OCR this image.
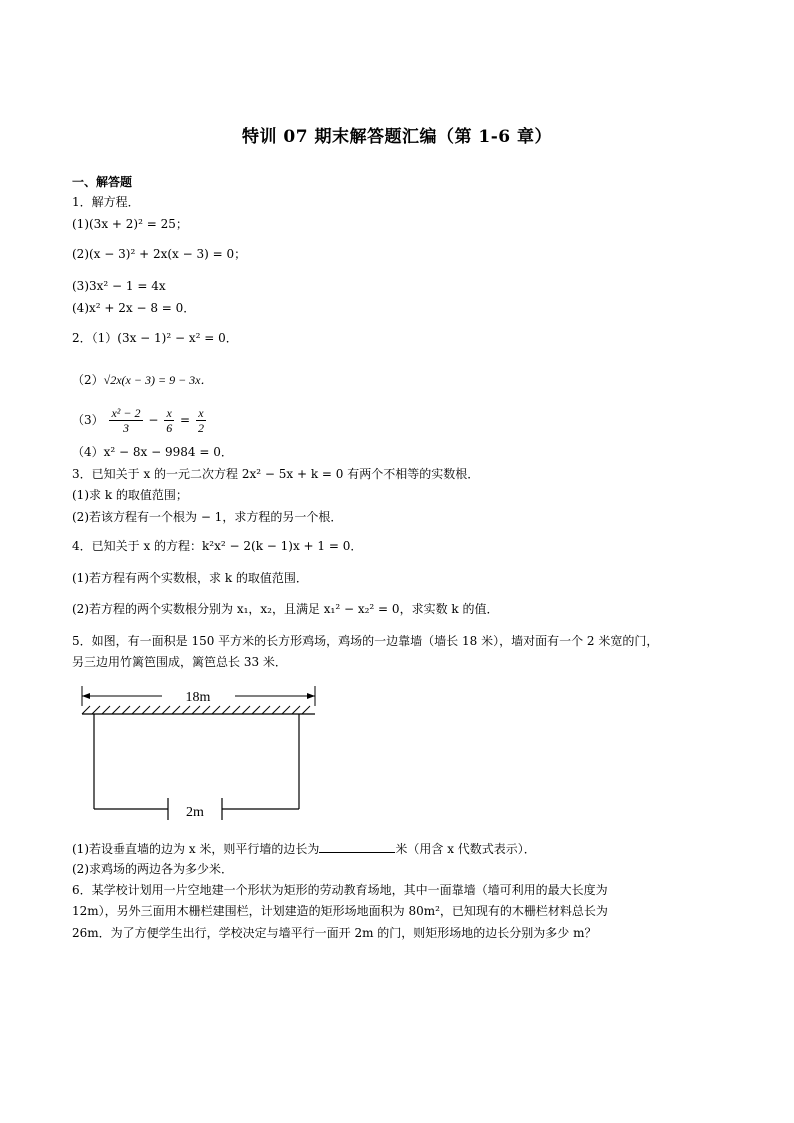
特训 07 期末解答题汇编（第 1-6 章）
一、解答题
1．解方程．
(1)(3x + 2)² = 25；
(2)(x − 3)² + 2x(x − 3) = 0；
(3)3x² − 1 = 4x
(4)x² + 2x − 8 = 0．
2．（1）(3x − 1)² − x² = 0．
（2）√2x(x − 3) = 9 − 3x．
$(3) \frac{\text{x² − 2}}{3} - \frac{x}{6} = \frac{x}{2}$
（4）x² − 8x − 9984 = 0．
3．已知关于 x 的一元二次方程 2x² − 5x + k = 0 有两个不相等的实数根．
(1)求 k 的取值范围；
(2)若该方程有一个根为 − 1，求方程的另一个根．
4．已知关于 x 的方程：k²x² − 2(k − 1)x + 1 = 0．
(1)若方程有两个实数根，求 k 的取值范围．
(2)若方程的两个实数根分别为 x₁，x₂，且满足 x₁² − x₂² = 0，求实数 k 的值．
5．如图，有一面积是 150 平方米的长方形鸡场，鸡场的一边靠墙（墙长 18 米），墙对面有一个 2 米宽的门，
另三边用竹篱笆围成，篱笆总长 33 米．
18m
2m
(1)若设垂直墙的边为 x 米，则平行墙的边长为	米（用含 x 代数式表示）．
(2)求鸡场的两边各为多少米．
6．某学校计划用一片空地建一个形状为矩形的劳动教育场地，其中一面靠墙（墙可利用的最大长度为
12m），另外三面用木栅栏建围栏，计划建造的矩形场地面积为 80m²，已知现有的木栅栏材料总长为
26m．为了方便学生出行，学校决定与墙平行一面开 2m 的门，则矩形场地的边长分别为多少 m？
